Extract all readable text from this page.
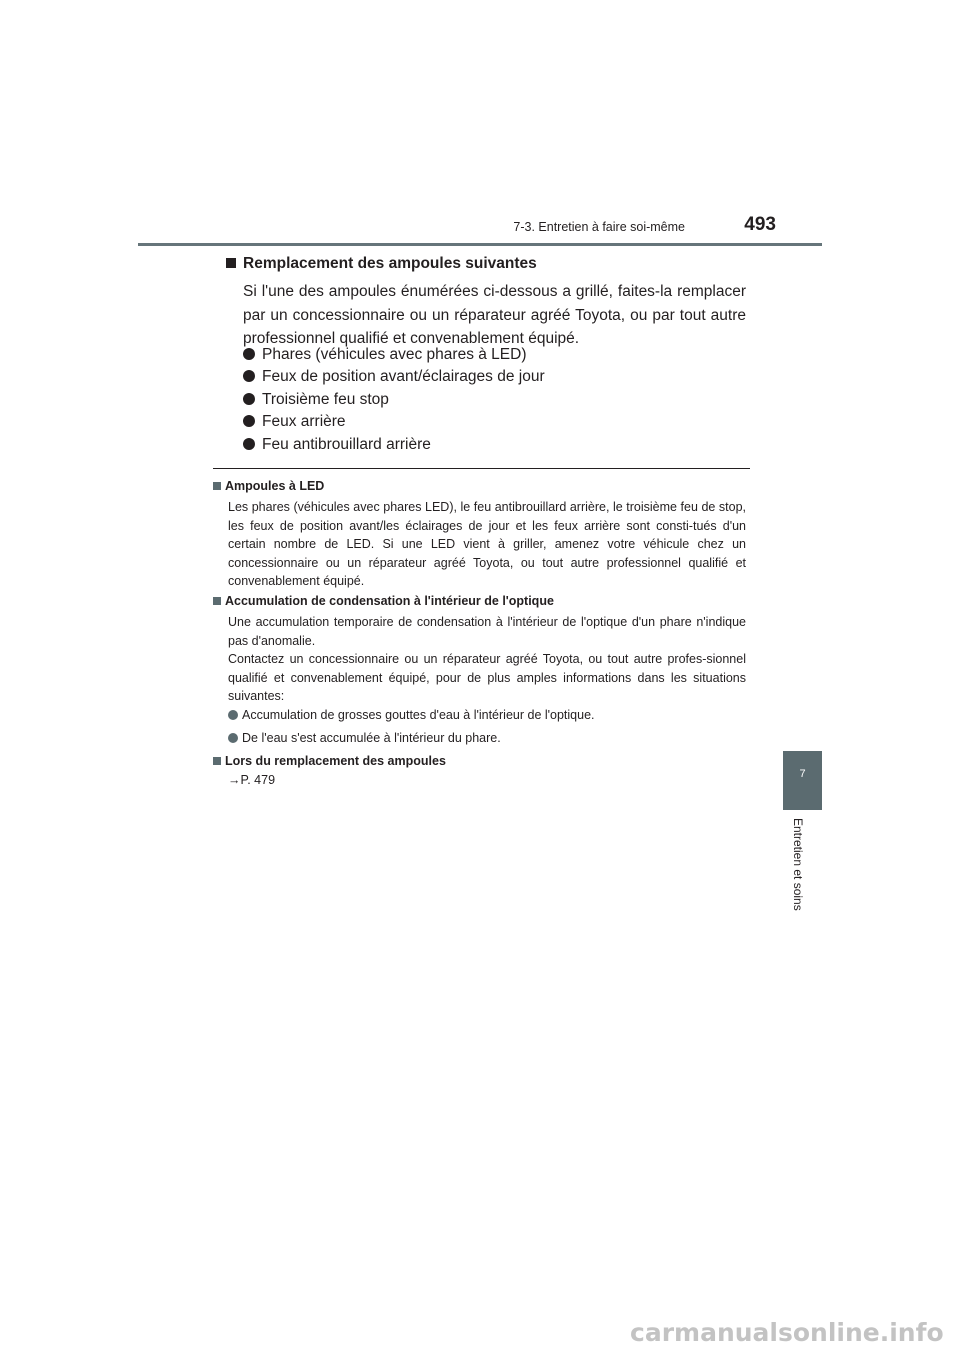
7-3. Entretien à faire soi-même	493
7
Entretien et soins
Remplacement des ampoules suivantes
Si l'une des ampoules énumérées ci-dessous a grillé, faites-la remplacer par un concessionnaire ou un réparateur agréé Toyota, ou par tout autre professionnel qualifié et convenablement équipé.
Phares (véhicules avec phares à LED)
Feux de position avant/éclairages de jour
Troisième feu stop
Feux arrière
Feu antibrouillard arrière
Ampoules à LED
Les phares (véhicules avec phares LED), le feu antibrouillard arrière, le troisième feu de stop, les feux de position avant/les éclairages de jour et les feux arrière sont consti-tués d'un certain nombre de LED. Si une LED vient à griller, amenez votre véhicule chez un concessionnaire ou un réparateur agréé Toyota, ou tout autre professionnel qualifié et convenablement équipé.
Accumulation de condensation à l'intérieur de l'optique
Une accumulation temporaire de condensation à l'intérieur de l'optique d'un phare n'indique pas d'anomalie.
Contactez un concessionnaire ou un réparateur agréé Toyota, ou tout autre profes-sionnel qualifié et convenablement équipé, pour de plus amples informations dans les situations suivantes:
Accumulation de grosses gouttes d'eau à l'intérieur de l'optique.
De l'eau s'est accumulée à l'intérieur du phare.
Lors du remplacement des ampoules
→P. 479
carmanualsonline.info
